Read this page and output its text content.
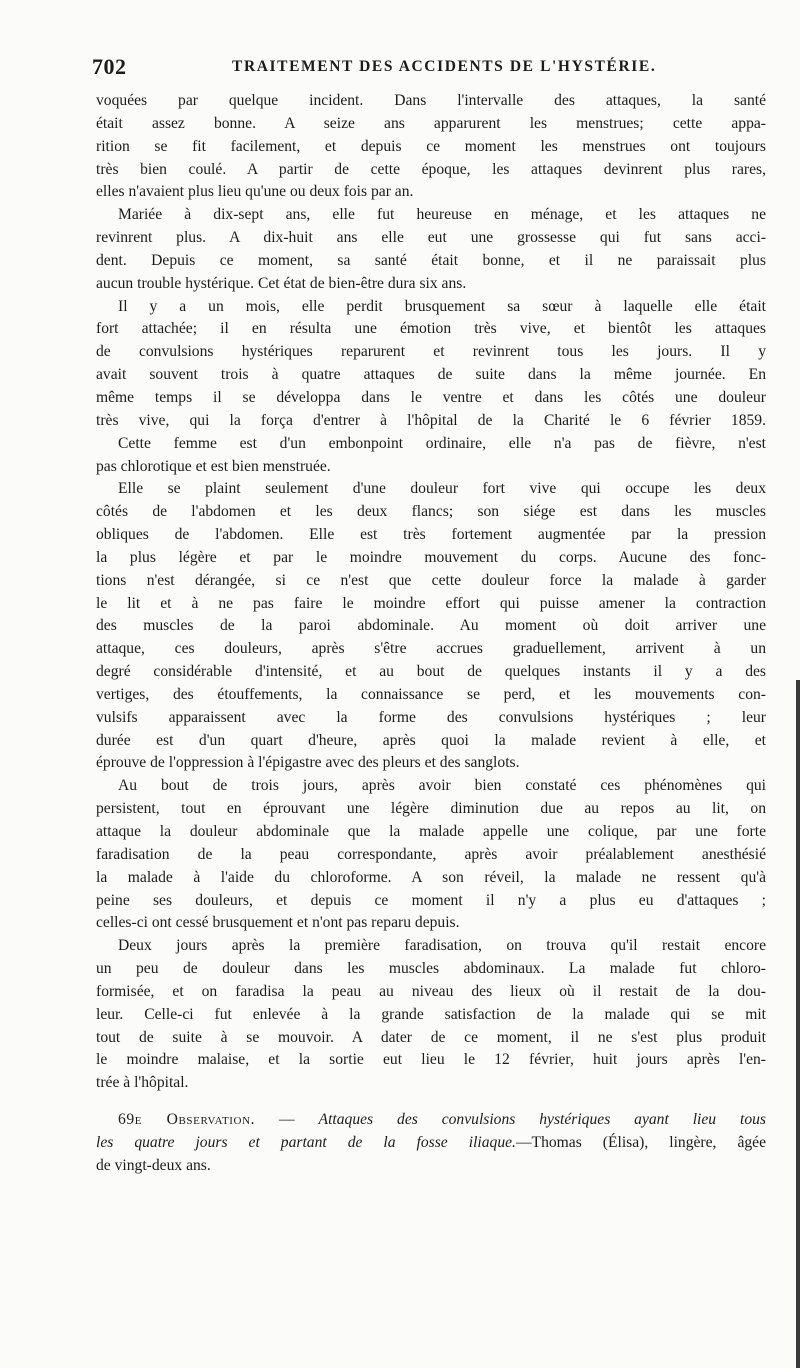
702	TRAITEMENT DES ACCIDENTS DE L'HYSTÉRIE.
voquées par quelque incident. Dans l'intervalle des attaques, la santé
était assez bonne. A seize ans apparurent les menstrues; cette appa-
rition se fit facilement, et depuis ce moment les menstrues ont toujours
très bien coulé. A partir de cette époque, les attaques devinrent plus rares,
elles n'avaient plus lieu qu'une ou deux fois par an.
Mariée à dix-sept ans, elle fut heureuse en ménage, et les attaques ne
revinrent plus. A dix-huit ans elle eut une grossesse qui fut sans acci-
dent. Depuis ce moment, sa santé était bonne, et il ne paraissait plus
aucun trouble hystérique. Cet état de bien-être dura six ans.
Il y a un mois, elle perdit brusquement sa sœur à laquelle elle était
fort attachée; il en résulta une émotion très vive, et bientôt les attaques
de convulsions hystériques reparurent et revinrent tous les jours. Il y
avait souvent trois à quatre attaques de suite dans la même journée. En
même temps il se développa dans le ventre et dans les côtés une douleur
très vive, qui la força d'entrer à l'hôpital de la Charité le 6 février 1859.
Cette femme est d'un embonpoint ordinaire, elle n'a pas de fièvre, n'est
pas chlorotique et est bien menstruée.
Elle se plaint seulement d'une douleur fort vive qui occupe les deux
côtés de l'abdomen et les deux flancs; son siége est dans les muscles
obliques de l'abdomen. Elle est très fortement augmentée par la pression
la plus légère et par le moindre mouvement du corps. Aucune des fonc-
tions n'est dérangée, si ce n'est que cette douleur force la malade à garder
le lit et à ne pas faire le moindre effort qui puisse amener la contraction
des muscles de la paroi abdominale. Au moment où doit arriver une
attaque, ces douleurs, après s'être accrues graduellement, arrivent à un
degré considérable d'intensité, et au bout de quelques instants il y a des
vertiges, des étouffements, la connaissance se perd, et les mouvements con-
vulsifs apparaissent avec la forme des convulsions hystériques ; leur
durée est d'un quart d'heure, après quoi la malade revient à elle, et
éprouve de l'oppression à l'épigastre avec des pleurs et des sanglots.
Au bout de trois jours, après avoir bien constaté ces phénomènes qui
persistent, tout en éprouvant une légère diminution due au repos au lit, on
attaque la douleur abdominale que la malade appelle une colique, par une forte
faradisation de la peau correspondante, après avoir préalablement anesthésié
la malade à l'aide du chloroforme. A son réveil, la malade ne ressent qu'à
peine ses douleurs, et depuis ce moment il n'y a plus eu d'attaques ;
celles-ci ont cessé brusquement et n'ont pas reparu depuis.
Deux jours après la première faradisation, on trouva qu'il restait encore
un peu de douleur dans les muscles abdominaux. La malade fut chloro-
formisée, et on faradisa la peau au niveau des lieux où il restait de la dou-
leur. Celle-ci fut enlevée à la grande satisfaction de la malade qui se mit
tout de suite à se mouvoir. A dater de ce moment, il ne s'est plus produit
le moindre malaise, et la sortie eut lieu le 12 février, huit jours après l'en-
trée à l'hôpital.
69e Observation. — Attaques des convulsions hystériques ayant lieu tous
les quatre jours et partant de la fosse iliaque.—Thomas (Élisa), lingère, âgée
de vingt-deux ans.
